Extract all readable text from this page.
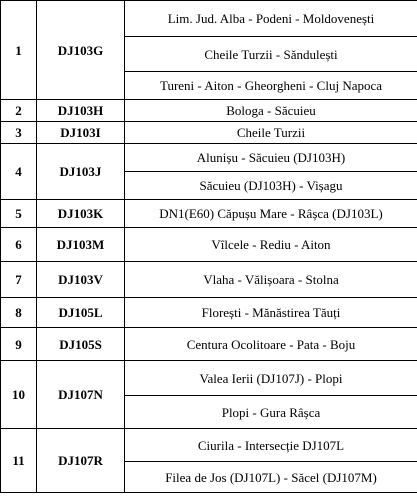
1	DJ103G	Lim. Jud. Alba - Podeni - Moldovenești
		Cheile Turzii - Săndulești
		Tureni - Aiton - Gheorgheni - Cluj Napoca
2	DJ103H	Bologa - Săcuieu
3	DJ103I	Cheile Turzii
4	DJ103J	Alunișu - Săcuieu (DJ103H)
		Săcuieu (DJ103H) - Vișagu
5	DJ103K	DN1(E60) Căpușu Mare - Râșca (DJ103L)
6	DJ103M	Vîlcele - Rediu - Aiton
7	DJ103V	Vlaha - Vălișoara - Stolna
8	DJ105L	Florești - Mănăstirea Tăuți
9	DJ105S	Centura Ocolitoare - Pata - Boju
10	DJ107N	Valea Ierii (DJ107J) - Plopi
		Plopi - Gura Râșca
11	DJ107R	Ciurila - Intersecție DJ107L
		Filea de Jos (DJ107L) - Săcel (DJ107M)
